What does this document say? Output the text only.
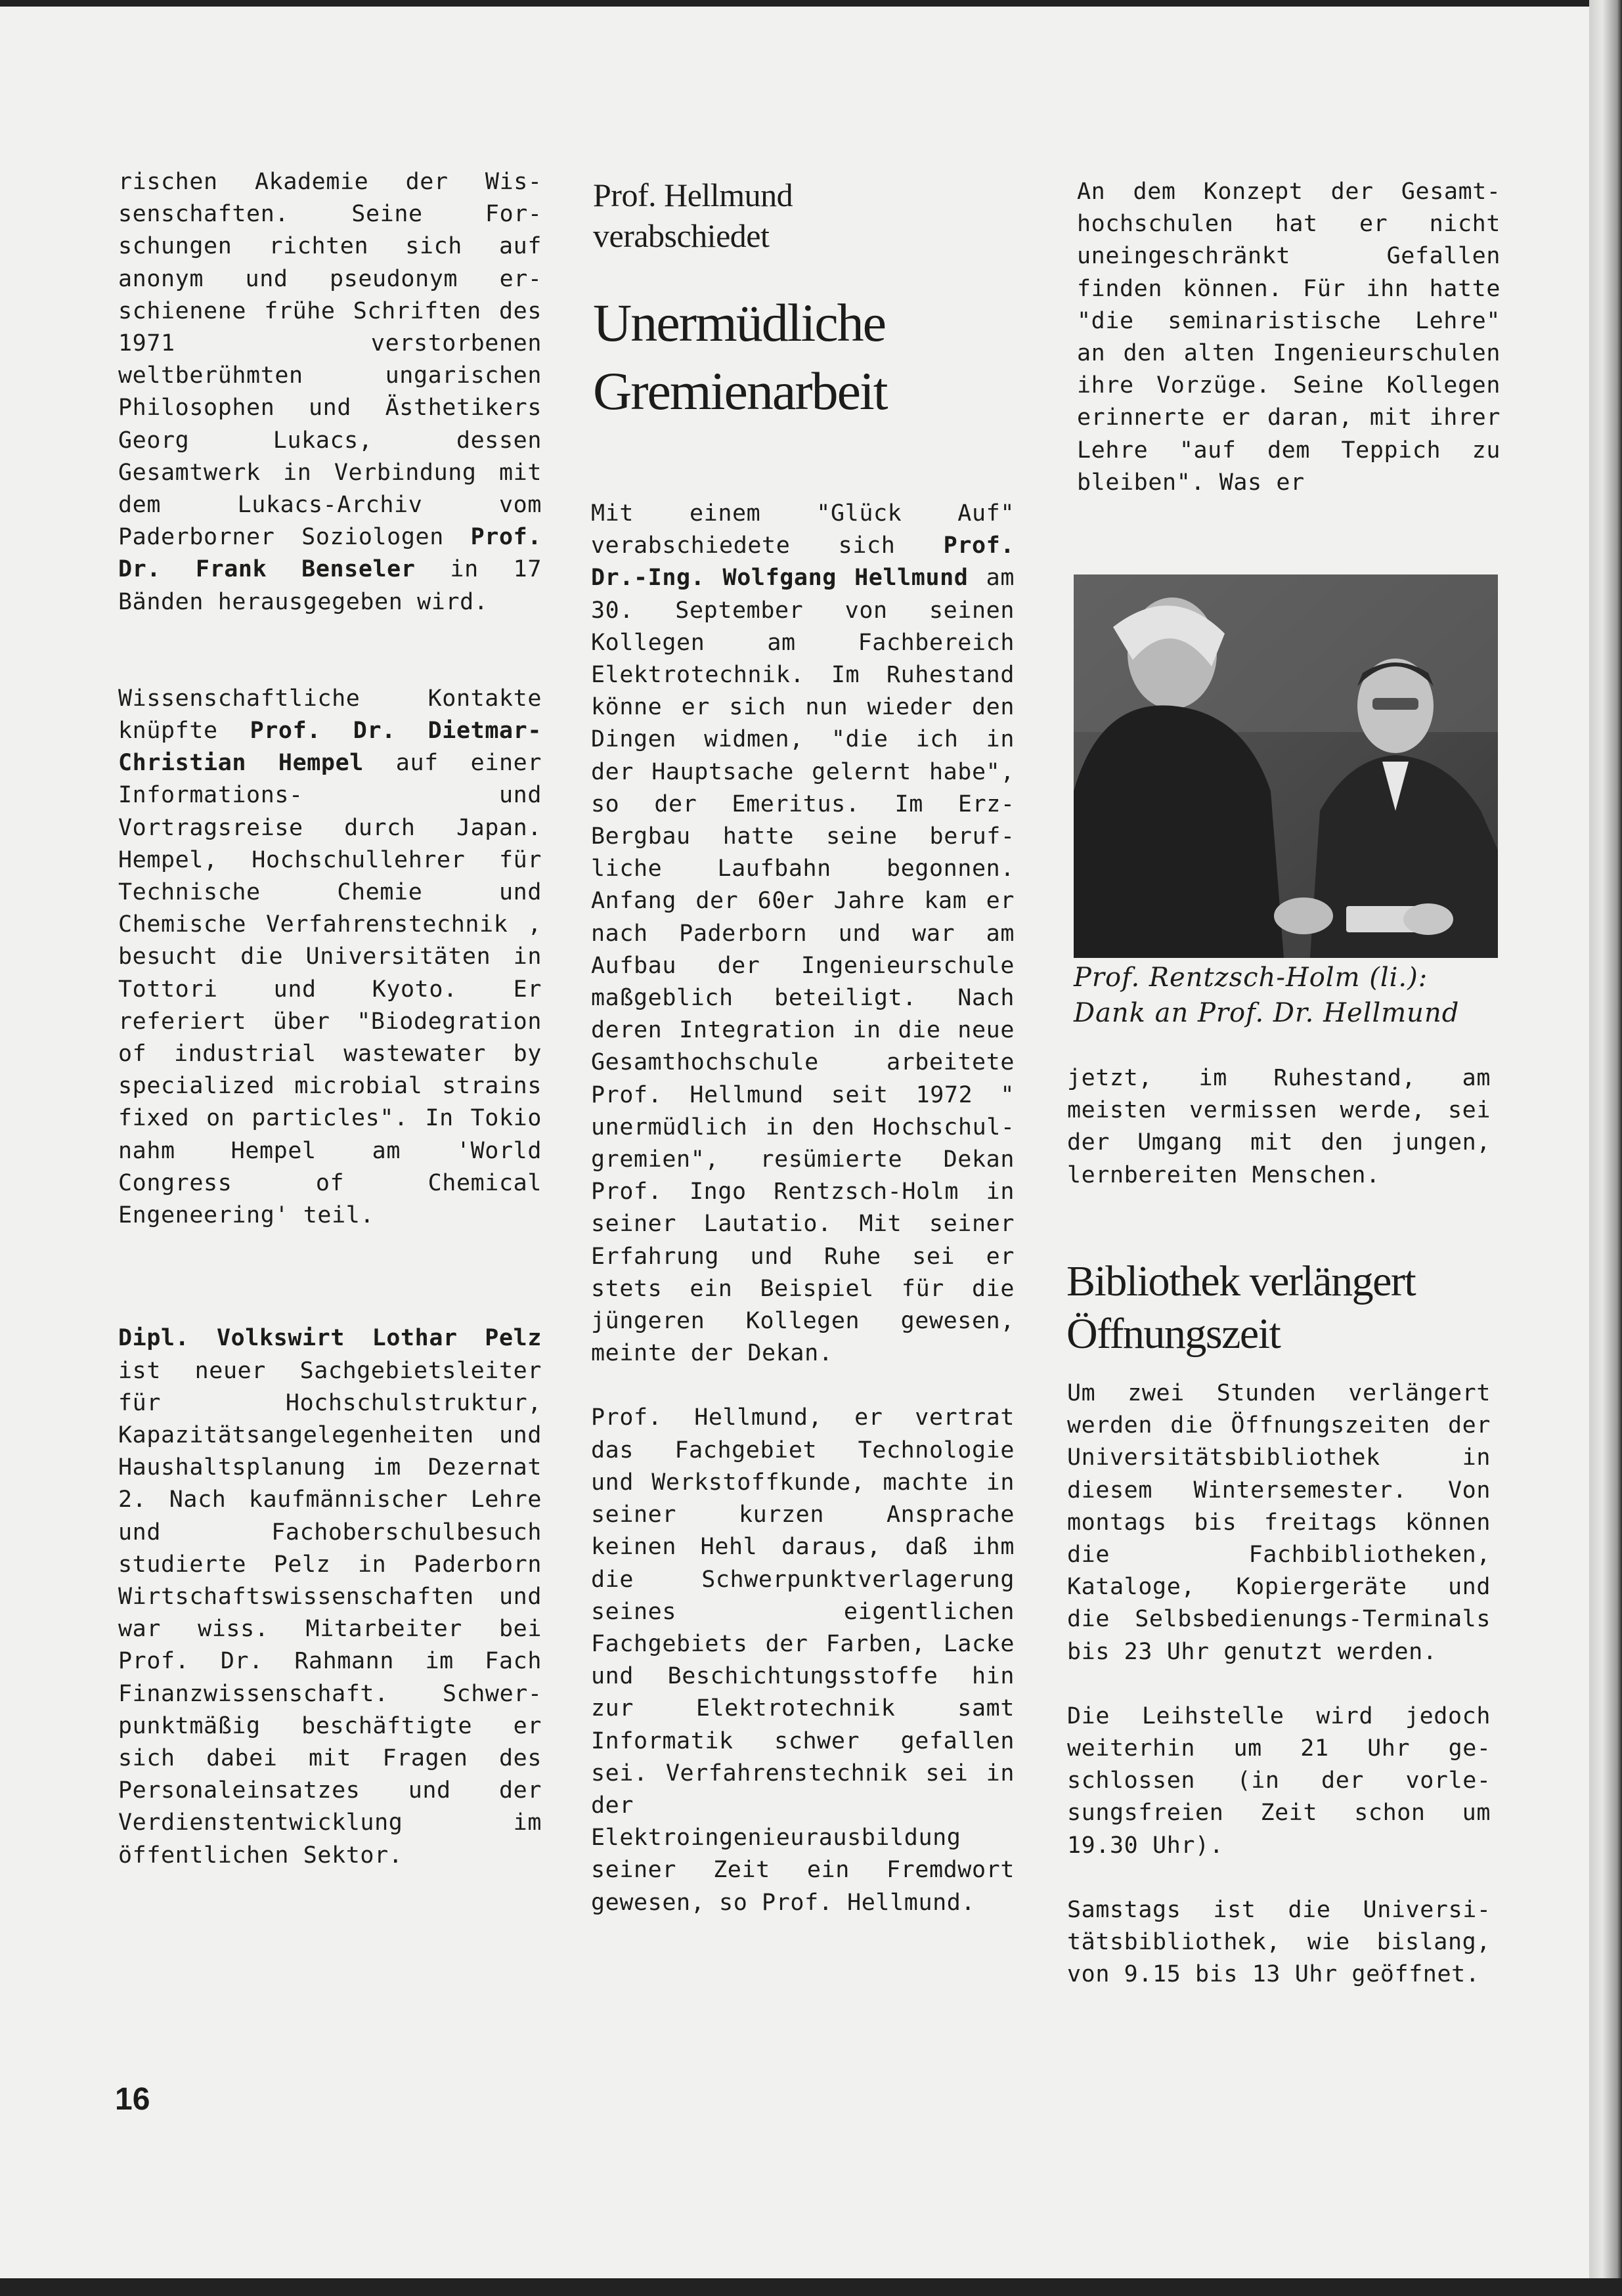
rischen Akademie der Wissenschaften. Seine Forschungen richten sich auf anonym und pseudonym erschienene frühe Schriften des 1971 verstorbenen weltberühmten ungarischen Philosophen und Ästhetikers Georg Lukacs, dessen Gesamtwerk in Verbindung mit dem Lukacs-Archiv vom Paderborner Soziologen Prof. Dr. Frank Benseler in 17 Bänden herausgegeben wird.

Wissenschaftliche Kontakte knüpfte Prof. Dr. Dietmar-Christian Hempel auf einer Informations- und Vortragsreise durch Japan. Hempel, Hochschullehrer für Technische Chemie und Chemische Verfahrenstechnik , besucht die Universitäten in Tottori und Kyoto. Er referiert über "Biodegration of industrial wastewater by specialized microbial strains fixed on particles". In Tokio nahm Hempel am 'World Congress of Chemical Engeneering' teil.

Dipl. Volkswirt Lothar Pelz ist neuer Sachgebietsleiter für Hochschulstruktur, Kapazitätsangelegenheiten und Haushaltsplanung im Dezernat 2. Nach kaufmännischer Lehre und Fachoberschulbesuch studierte Pelz in Paderborn Wirtschaftswissenschaften und war wiss. Mitarbeiter bei Prof. Dr. Rahmann im Fach Finanzwissenschaft. Schwerpunktmäßig beschäftigte er sich dabei mit Fragen des Personaleinsatzes und der Verdienstentwicklung im öffentlichen Sektor.

Prof. Hellmund verabschiedet
Unermüdliche Gremienarbeit

Mit einem "Glück Auf" verabschiedete sich Prof. Dr.-Ing. Wolfgang Hellmund am 30. September von seinen Kollegen am Fachbereich Elektrotechnik. Im Ruhestand könne er sich nun wieder den Dingen widmen, "die ich in der Hauptsache gelernt habe", so der Emeritus. Im ErzBergbau hatte seine berufliche Laufbahn begonnen. Anfang der 60er Jahre kam er nach Paderborn und war am Aufbau der Ingenieurschule maßgeblich beteiligt. Nach deren Integration in die neue Gesamthochschule arbeitete Prof. Hellmund seit 1972 " unermüdlich in den Hochschulgremien", resümierte Dekan Prof. Ingo Rentzsch-Holm in seiner Lautatio. Mit seiner Erfahrung und Ruhe sei er stets ein Beispiel für die jüngeren Kollegen gewesen, meinte der Dekan.

Prof. Hellmund, er vertrat das Fachgebiet Technologie und Werkstoffkunde, machte in seiner kurzen Ansprache keinen Hehl daraus, daß ihm die Schwerpunktverlagerung seines eigentlichen Fachgebiets der Farben, Lacke und Beschichtungsstoffe hin zur Elektrotechnik samt Informatik schwer gefallen sei. Verfahrenstechnik sei in der Elektroingenieurausbildung seiner Zeit ein Fremdwort gewesen, so Prof. Hellmund.

An dem Konzept der Gesamthochschulen hat er nicht uneingeschränkt Gefallen finden können. Für ihn hatte "die seminaristische Lehre" an den alten Ingenieurschulen ihre Vorzüge. Seine Kollegen erinnerte er daran, mit ihrer Lehre "auf dem Teppich zu bleiben". Was er

Prof. Rentzsch-Holm (li.):
Dank an Prof. Dr. Hellmund

jetzt, im Ruhestand, am meisten vermissen werde, sei der Umgang mit den jungen, lernbereiten Menschen.

Bibliothek verlängert Öffnungszeit

Um zwei Stunden verlängert werden die Öffnungszeiten der Universitätsbibliothek in diesem Wintersemester. Von montags bis freitags können die Fachbibliotheken, Kataloge, Kopiergeräte und die Selbsbedienungs-Terminals bis 23 Uhr genutzt werden.

Die Leihstelle wird jedoch weiterhin um 21 Uhr geschlossen (in der vorlesungsfreien Zeit schon um 19.30 Uhr).

Samstags ist die Universitätsbibliothek, wie bislang, von 9.15 bis 13 Uhr geöffnet.

16
